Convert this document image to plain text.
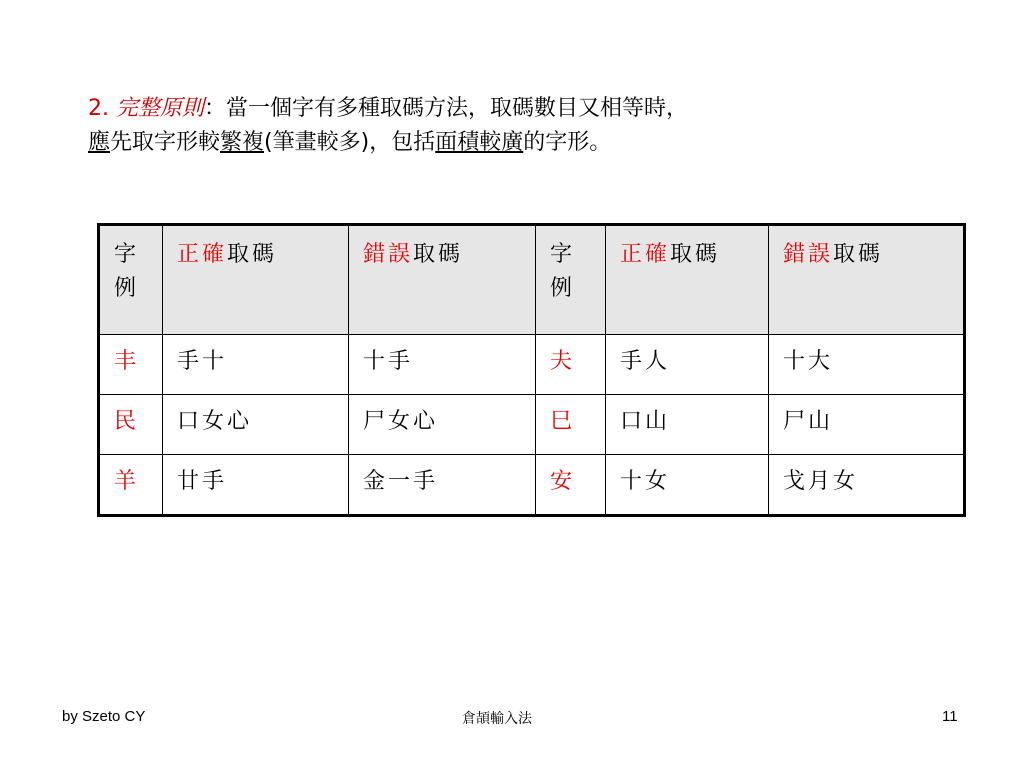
2. 完整原則：當一個字有多種取碼方法，取碼數目又相等時，
應先取字形較繁複(筆畫較多)，包括面積較廣的字形。
字例	正確取碼	錯誤取碼	字例	正確取碼	錯誤取碼
丰	手十	十手	夫	手人	十大
民	口女心	尸女心	巳	口山	尸山
羊	廿手	金一手	安	十女	戈月女
by Szeto CY	倉頡輸入法	11
